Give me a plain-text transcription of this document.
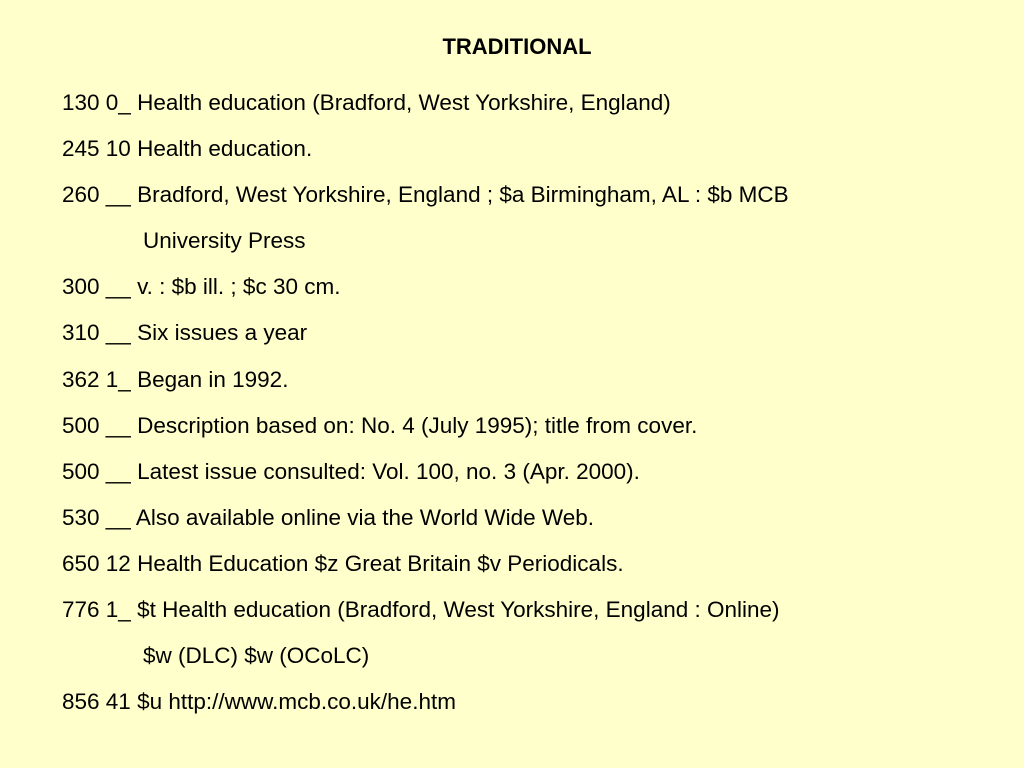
TRADITIONAL
130 0_ Health education (Bradford, West Yorkshire, England)
245 10 Health education.
260 __ Bradford, West Yorkshire, England ; $a Birmingham, AL : $b MCB
University Press
300 __ v. : $b ill. ; $c 30 cm.
310 __ Six issues a year
362 1_ Began in 1992.
500 __ Description based on: No. 4 (July 1995); title from cover.
500 __ Latest issue consulted: Vol. 100, no. 3 (Apr. 2000).
530 __ Also available online via the World Wide Web.
650 12 Health Education $z Great Britain $v Periodicals.
776 1_ $t Health education (Bradford, West Yorkshire, England : Online)
$w (DLC) $w (OCoLC)
856 41 $u http://www.mcb.co.uk/he.htm
